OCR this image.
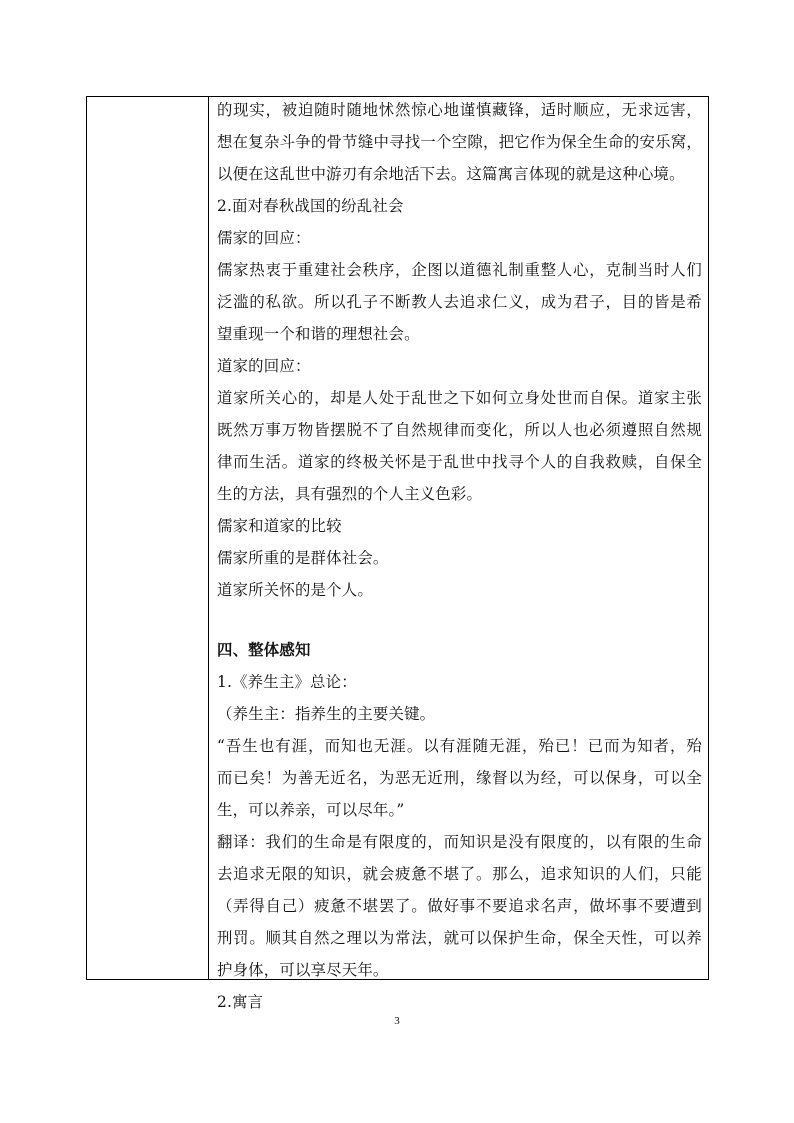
的现实，被迫随时随地怵然惊心地谨慎藏锋，适时顺应，无求远害，
想在复杂斗争的骨节缝中寻找一个空隙，把它作为保全生命的安乐窝，
以便在这乱世中游刃有余地活下去。这篇寓言体现的就是这种心境。
2.面对春秋战国的纷乱社会
儒家的回应：
儒家热衷于重建社会秩序，企图以道德礼制重整人心，克制当时人们
泛滥的私欲。所以孔子不断教人去追求仁义，成为君子，目的皆是希
望重现一个和谐的理想社会。
道家的回应：
道家所关心的，却是人处于乱世之下如何立身处世而自保。道家主张
既然万事万物皆摆脱不了自然规律而变化，所以人也必须遵照自然规
律而生活。道家的终极关怀是于乱世中找寻个人的自我救赎，自保全
生的方法，具有强烈的个人主义色彩。
儒家和道家的比较
儒家所重的是群体社会。
道家所关怀的是个人。
四、整体感知
1.《养生主》总论：
（养生主：指养生的主要关键。
“吾生也有涯，而知也无涯。以有涯随无涯，殆已！已而为知者，殆
而已矣！为善无近名，为恶无近刑，缘督以为经，可以保身，可以全
生，可以养亲，可以尽年。”
翻译：我们的生命是有限度的，而知识是没有限度的，以有限的生命
去追求无限的知识，就会疲惫不堪了。那么，追求知识的人们，只能
（弄得自己）疲惫不堪罢了。做好事不要追求名声，做坏事不要遭到
刑罚。顺其自然之理以为常法，就可以保护生命，保全天性，可以养
护身体，可以享尽天年。
2.寓言
3
